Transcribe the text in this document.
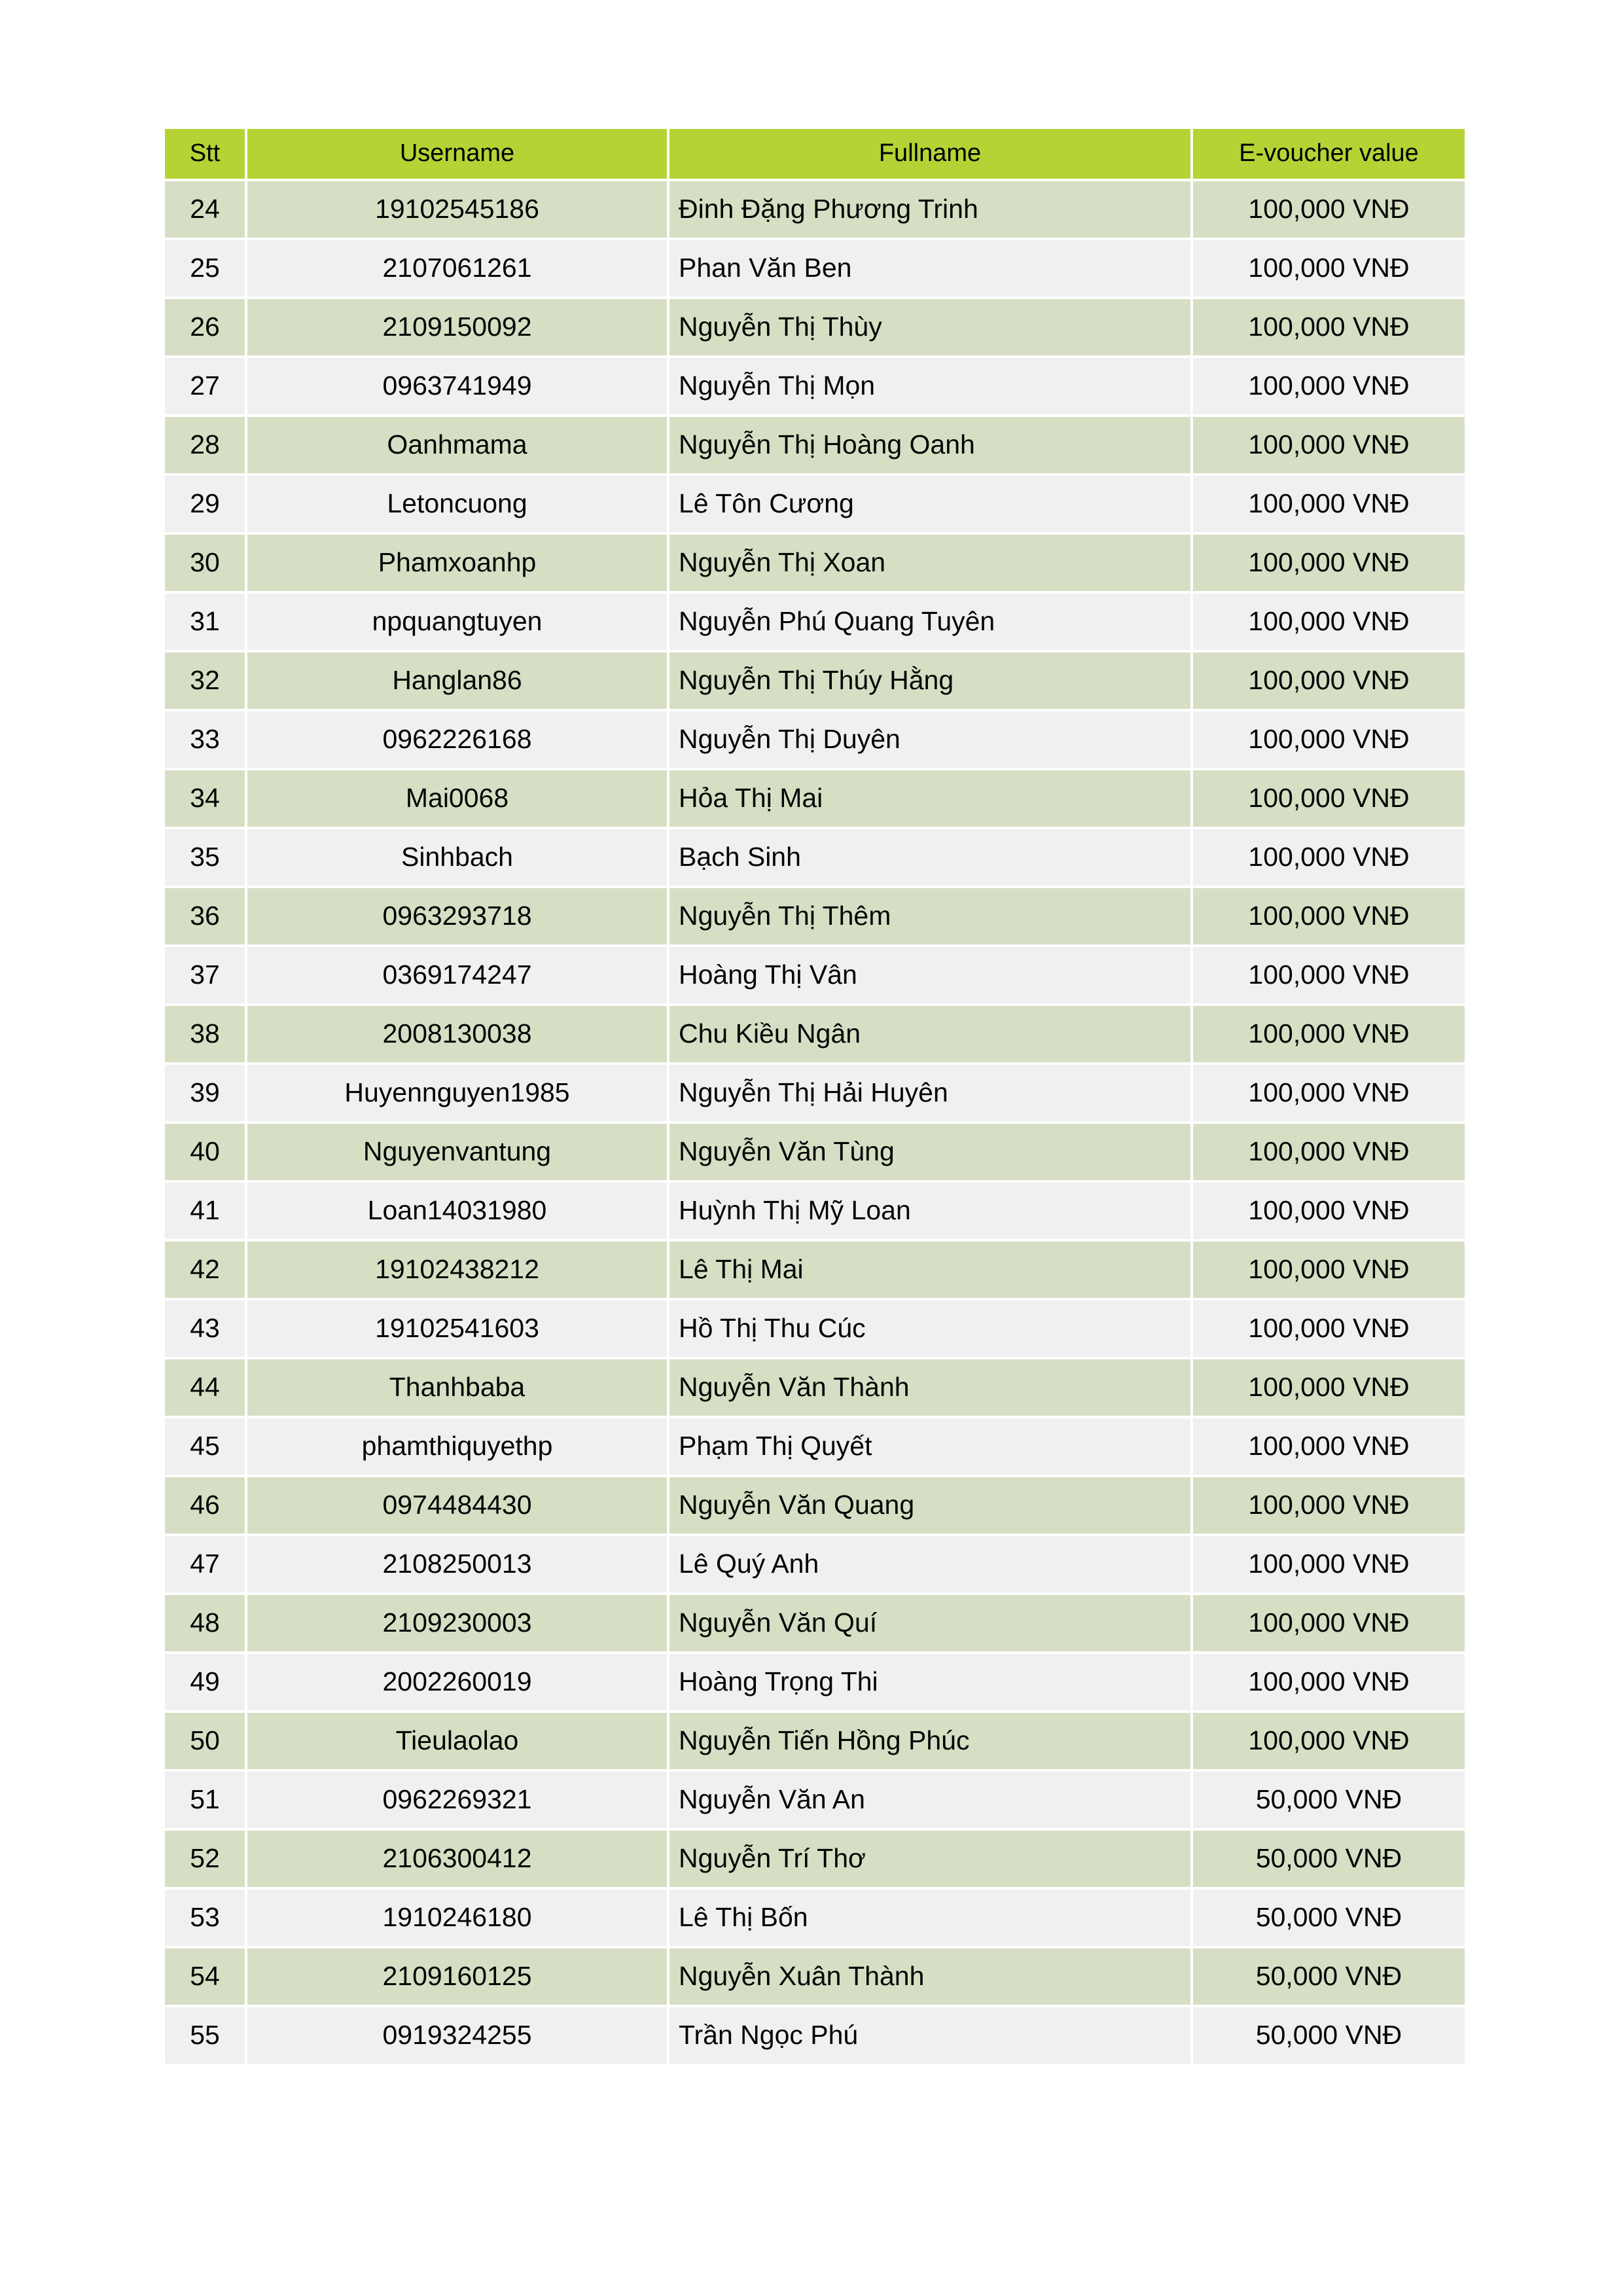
Stt	Username	Fullname	E-voucher value
24	19102545186	Đinh Đặng Phương Trinh	100,000 VNĐ
25	2107061261	Phan Văn Ben	100,000 VNĐ
26	2109150092	Nguyễn Thị Thùy	100,000 VNĐ
27	0963741949	Nguyễn Thị Mọn	100,000 VNĐ
28	Oanhmama	Nguyễn Thị Hoàng Oanh	100,000 VNĐ
29	Letoncuong	Lê Tôn Cương	100,000 VNĐ
30	Phamxoanhp	Nguyễn Thị Xoan	100,000 VNĐ
31	npquangtuyen	Nguyễn Phú Quang Tuyên	100,000 VNĐ
32	Hanglan86	Nguyễn Thị Thúy Hằng	100,000 VNĐ
33	0962226168	Nguyễn Thị Duyên	100,000 VNĐ
34	Mai0068	Hỏa Thị Mai	100,000 VNĐ
35	Sinhbach	Bạch Sinh	100,000 VNĐ
36	0963293718	Nguyễn Thị Thêm	100,000 VNĐ
37	0369174247	Hoàng Thị Vân	100,000 VNĐ
38	2008130038	Chu Kiều Ngân	100,000 VNĐ
39	Huyennguyen1985	Nguyễn Thị Hải Huyên	100,000 VNĐ
40	Nguyenvantung	Nguyễn Văn Tùng	100,000 VNĐ
41	Loan14031980	Huỳnh Thị Mỹ Loan	100,000 VNĐ
42	19102438212	Lê Thị Mai	100,000 VNĐ
43	19102541603	Hồ Thị Thu Cúc	100,000 VNĐ
44	Thanhbaba	Nguyễn Văn Thành	100,000 VNĐ
45	phamthiquyethp	Phạm Thị Quyết	100,000 VNĐ
46	0974484430	Nguyễn Văn Quang	100,000 VNĐ
47	2108250013	Lê Quý Anh	100,000 VNĐ
48	2109230003	Nguyễn Văn Quí	100,000 VNĐ
49	2002260019	Hoàng Trọng Thi	100,000 VNĐ
50	Tieulaolao	Nguyễn Tiến Hồng Phúc	100,000 VNĐ
51	0962269321	Nguyễn Văn An	50,000 VNĐ
52	2106300412	Nguyễn Trí Thơ	50,000 VNĐ
53	1910246180	Lê Thị Bốn	50,000 VNĐ
54	2109160125	Nguyễn Xuân Thành	50,000 VNĐ
55	0919324255	Trần Ngọc Phú	50,000 VNĐ
